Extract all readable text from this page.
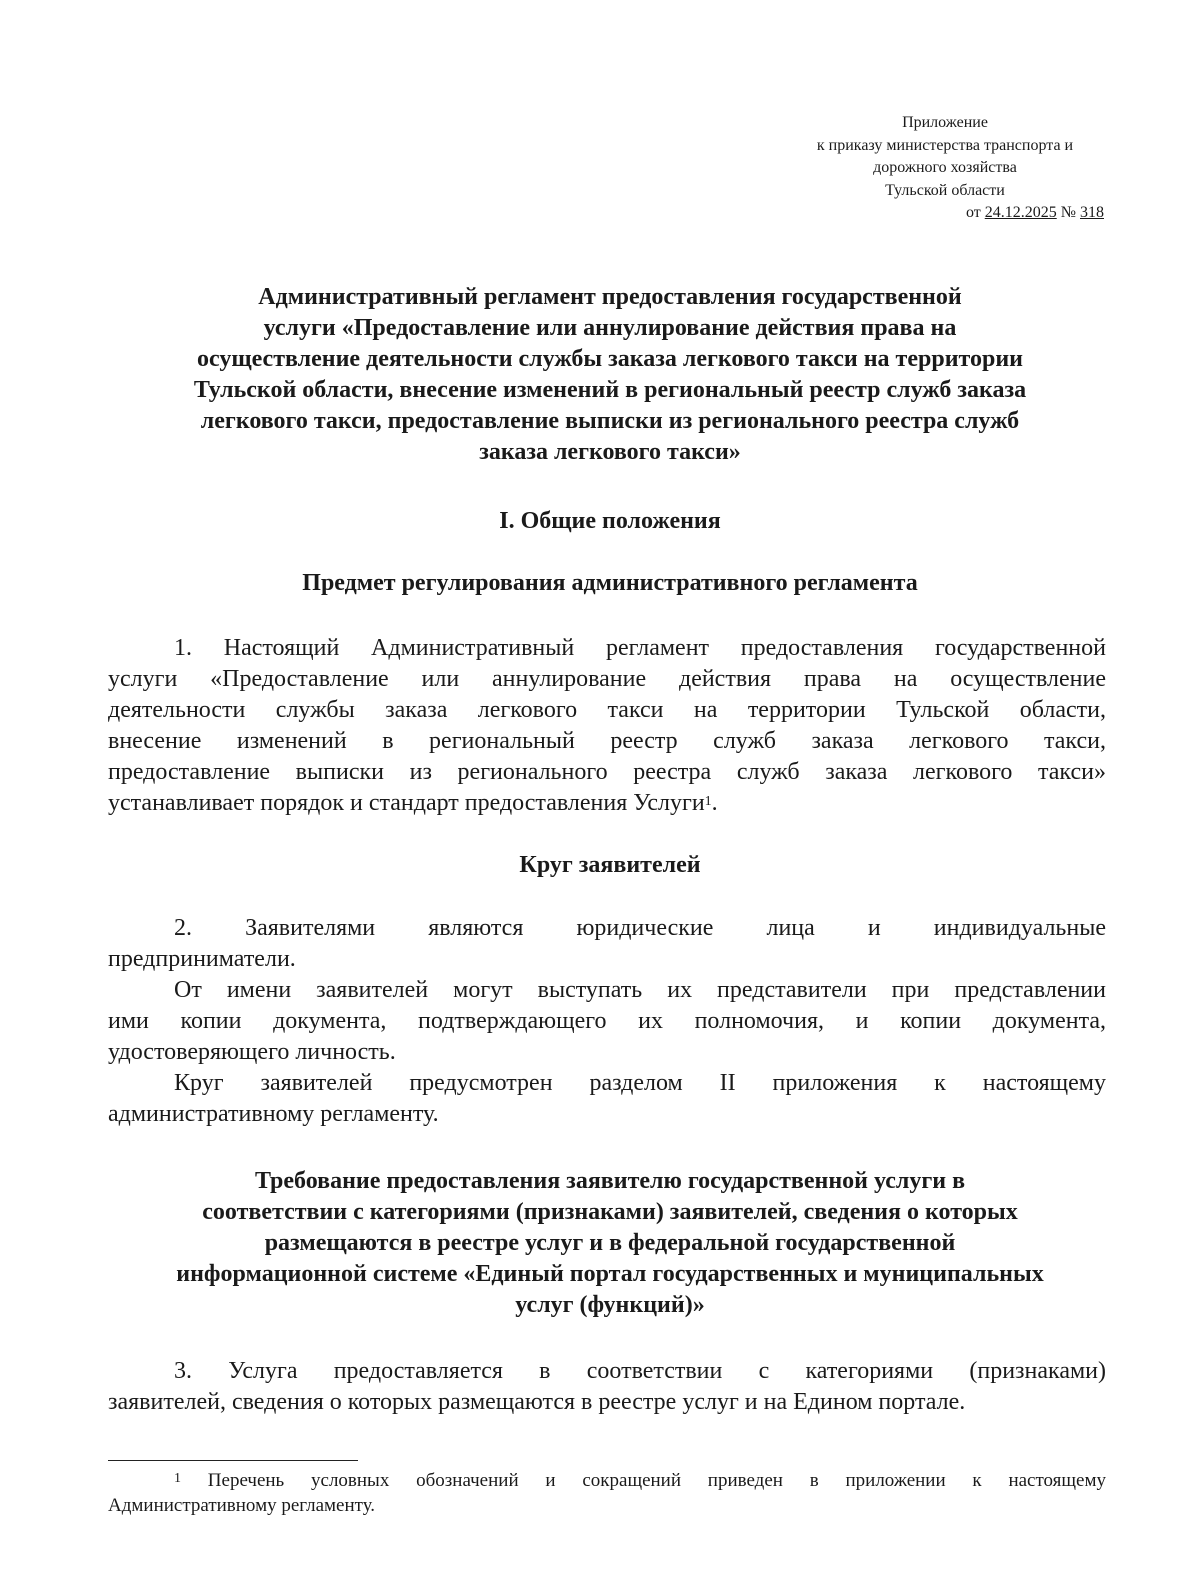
Приложение
к приказу министерства транспорта и
дорожного хозяйства
Тульской области
от 24.12.2025 № 318
Административный регламент предоставления государственной
услуги «Предоставление или аннулирование действия права на
осуществление деятельности службы заказа легкового такси на территории
Тульской области, внесение изменений в региональный реестр служб заказа
легкового такси, предоставление выписки из регионального реестра служб
заказа легкового такси»
I. Общие положения
Предмет регулирования административного регламента
1. Настоящий Административный регламент предоставления государственной
услуги «Предоставление или аннулирование действия права на осуществление
деятельности службы заказа легкового такси на территории Тульской области,
внесение изменений в региональный реестр служб заказа легкового такси,
предоставление выписки из регионального реестра служб заказа легкового такси»
устанавливает порядок и стандарт предоставления Услуги$^1$.
Круг заявителей
2. Заявителями являются юридические лица и индивидуальные
предприниматели.
От имени заявителей могут выступать их представители при представлении
ими копии документа, подтверждающего их полномочия, и копии документа,
удостоверяющего личность.
Круг заявителей предусмотрен разделом II приложения к настоящему
административному регламенту.
Требование предоставления заявителю государственной услуги в
соответствии с категориями (признаками) заявителей, сведения о которых
размещаются в реестре услуг и в федеральной государственной
информационной системе «Единый портал государственных и муниципальных
услуг (функций)»
3. Услуга предоставляется в соответствии с категориями (признаками)
заявителей, сведения о которых размещаются в реестре услуг и на Едином портале.
$^1$ Перечень условных обозначений и сокращений приведен в приложении к настоящему
Административному регламенту.
